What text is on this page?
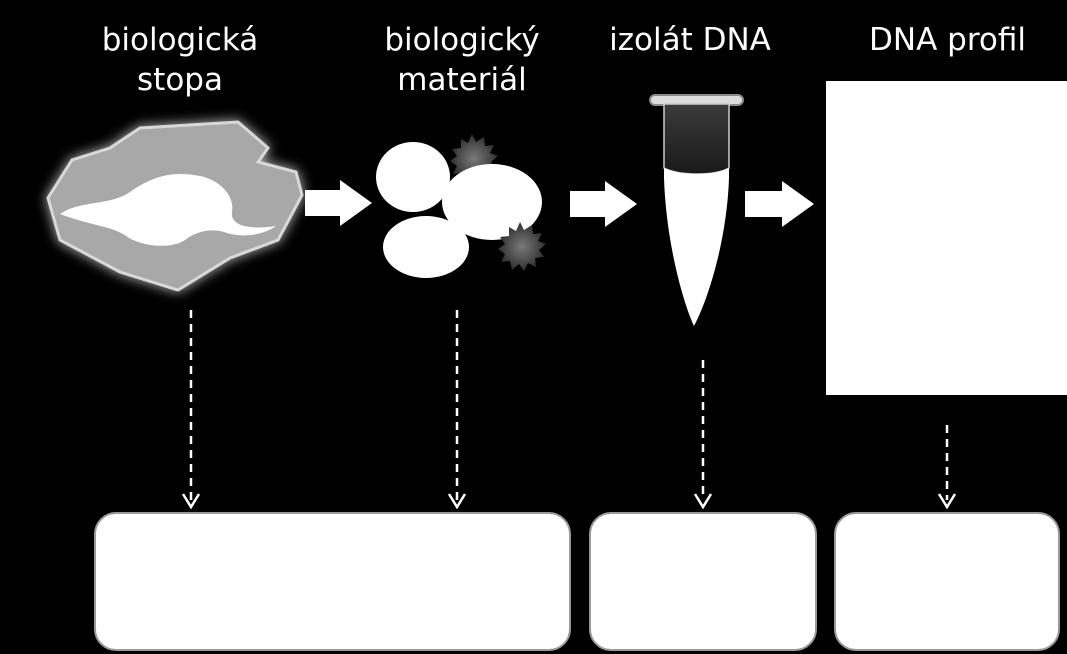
biologická
stopa
biologický
materiál
izolát DNA	DNA profil
